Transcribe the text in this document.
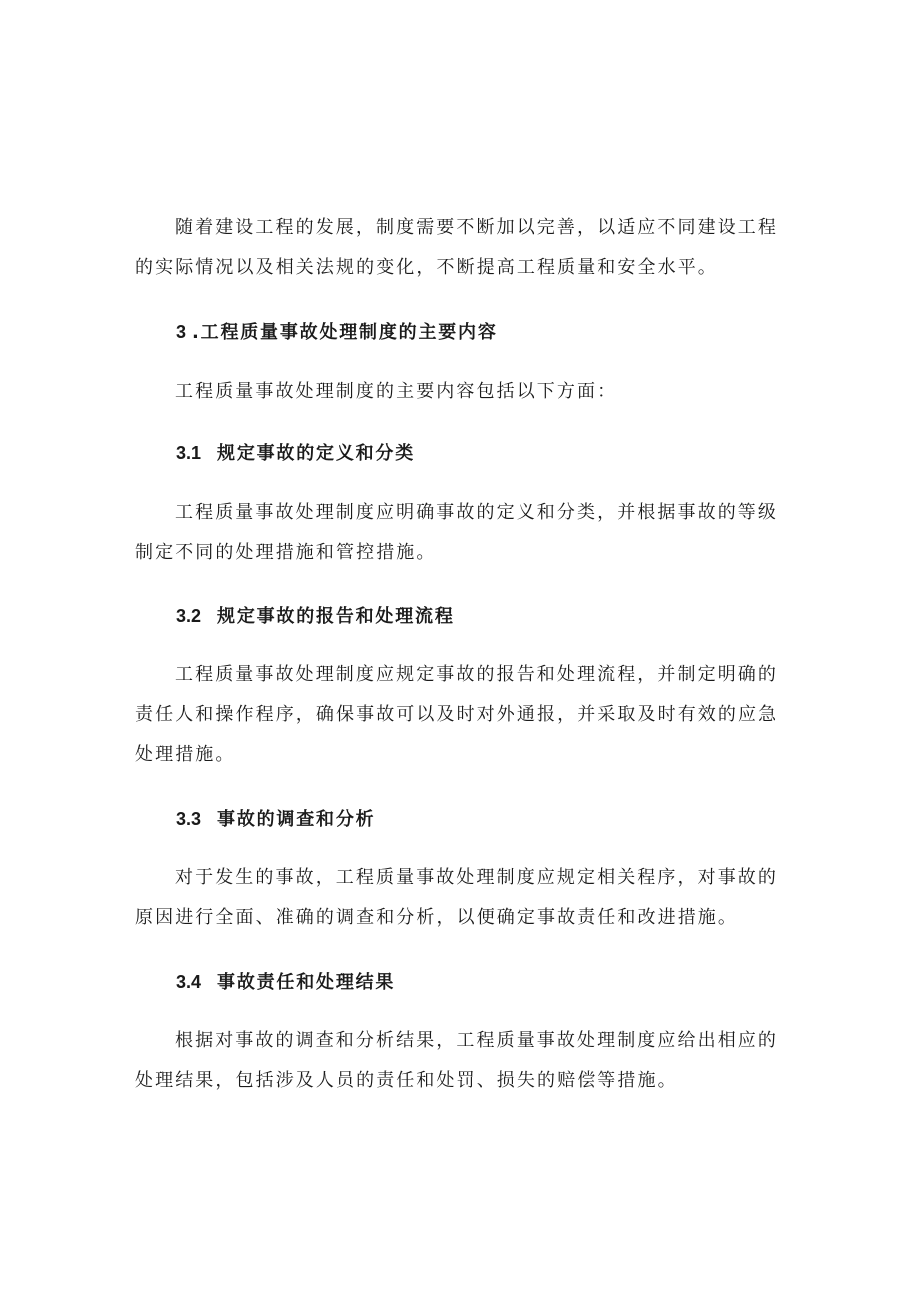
随着建设工程的发展，制度需要不断加以完善，以适应不同建设工程的实际情况以及相关法规的变化，不断提高工程质量和安全水平。

3 .工程质量事故处理制度的主要内容

工程质量事故处理制度的主要内容包括以下方面：

3.1 规定事故的定义和分类

工程质量事故处理制度应明确事故的定义和分类，并根据事故的等级制定不同的处理措施和管控措施。

3.2 规定事故的报告和处理流程

工程质量事故处理制度应规定事故的报告和处理流程，并制定明确的责任人和操作程序，确保事故可以及时对外通报，并采取及时有效的应急处理措施。

3.3 事故的调查和分析

对于发生的事故，工程质量事故处理制度应规定相关程序，对事故的原因进行全面、准确的调查和分析，以便确定事故责任和改进措施。

3.4 事故责任和处理结果

根据对事故的调查和分析结果，工程质量事故处理制度应给出相应的处理结果，包括涉及人员的责任和处罚、损失的赔偿等措施。
